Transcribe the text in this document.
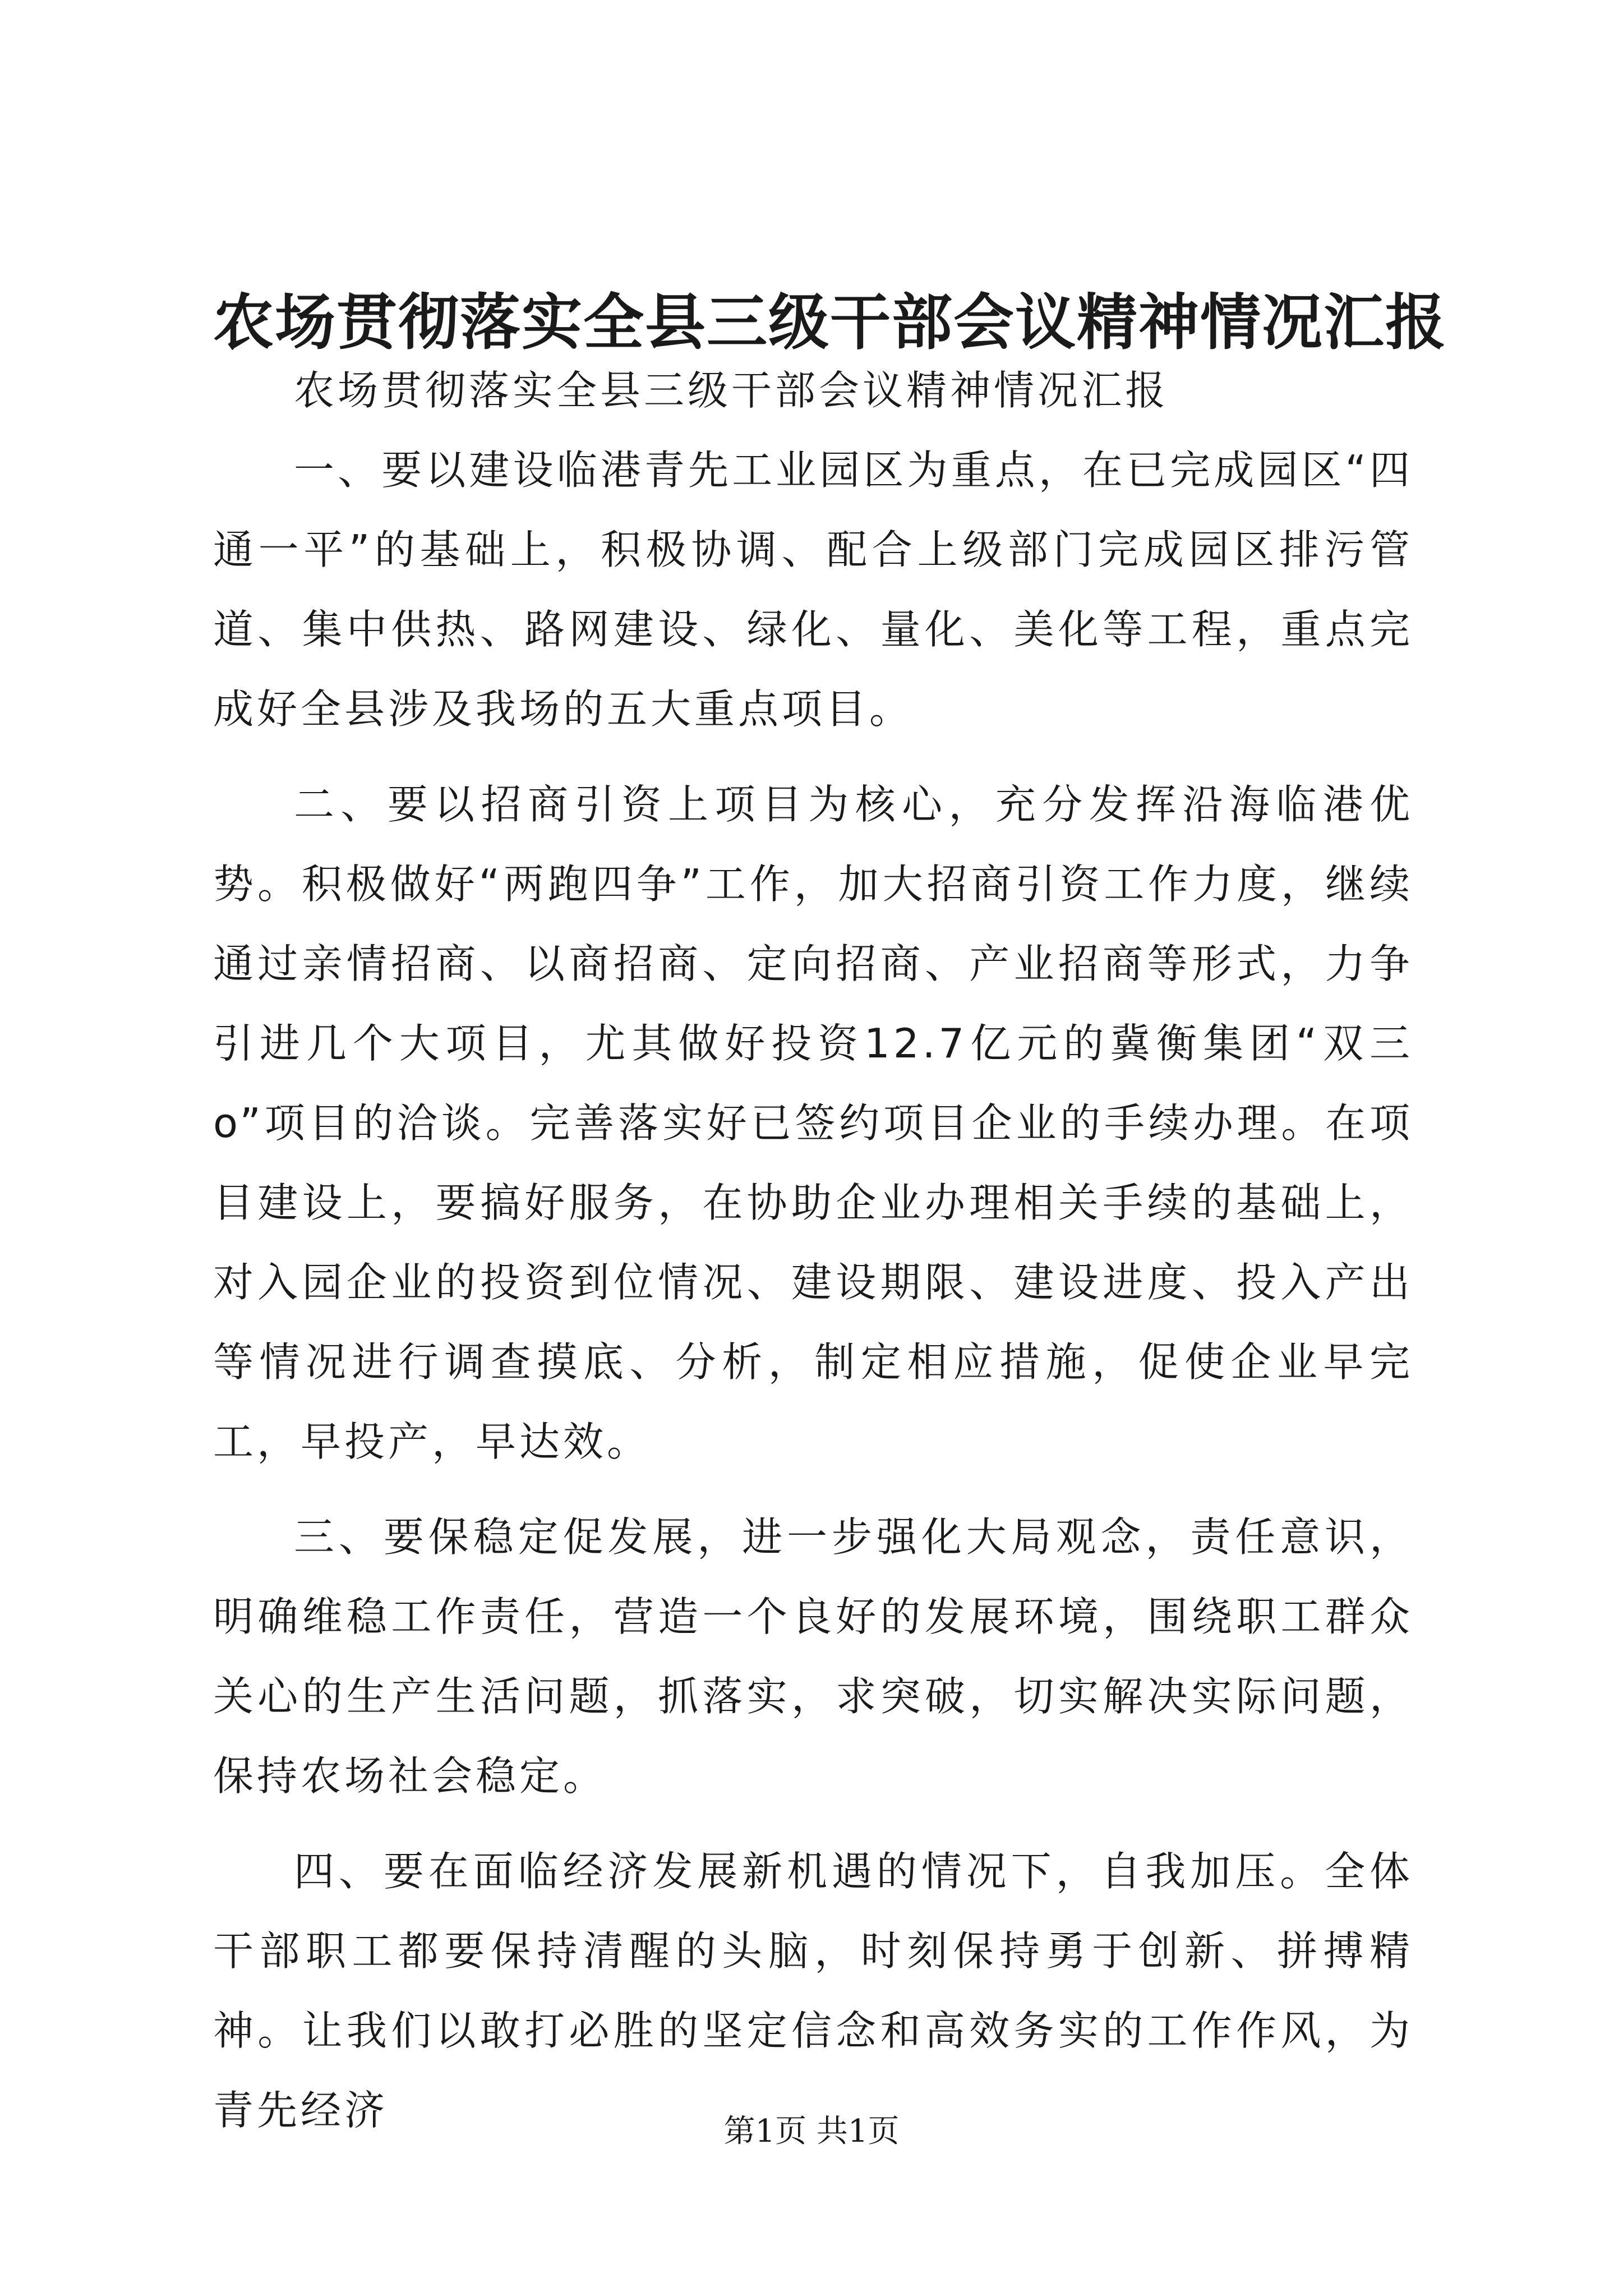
农场贯彻落实全县三级干部会议精神情况汇报

农场贯彻落实全县三级干部会议精神情况汇报

一、要以建设临港青先工业园区为重点，在已完成园区“四通一平”的基础上，积极协调、配合上级部门完成园区排污管道、集中供热、路网建设、绿化、量化、美化等工程，重点完成好全县涉及我场的五大重点项目。

二、要以招商引资上项目为核心，充分发挥沿海临港优势。积极做好“两跑四争”工作，加大招商引资工作力度，继续通过亲情招商、以商招商、定向招商、产业招商等形式，力争引进几个大项目，尤其做好投资12.7亿元的冀衡集团“双三o”项目的洽谈。完善落实好已签约项目企业的手续办理。在项目建设上，要搞好服务，在协助企业办理相关手续的基础上，对入园企业的投资到位情况、建设期限、建设进度、投入产出等情况进行调查摸底、分析，制定相应措施，促使企业早完工，早投产，早达效。

三、要保稳定促发展，进一步强化大局观念，责任意识，明确维稳工作责任，营造一个良好的发展环境，围绕职工群众关心的生产生活问题，抓落实，求突破，切实解决实际问题，保持农场社会稳定。

四、要在面临经济发展新机遇的情况下，自我加压。全体干部职工都要保持清醒的头脑，时刻保持勇于创新、拼搏精神。让我们以敢打必胜的坚定信念和高效务实的工作作风，为青先经济	第1页 共1页
